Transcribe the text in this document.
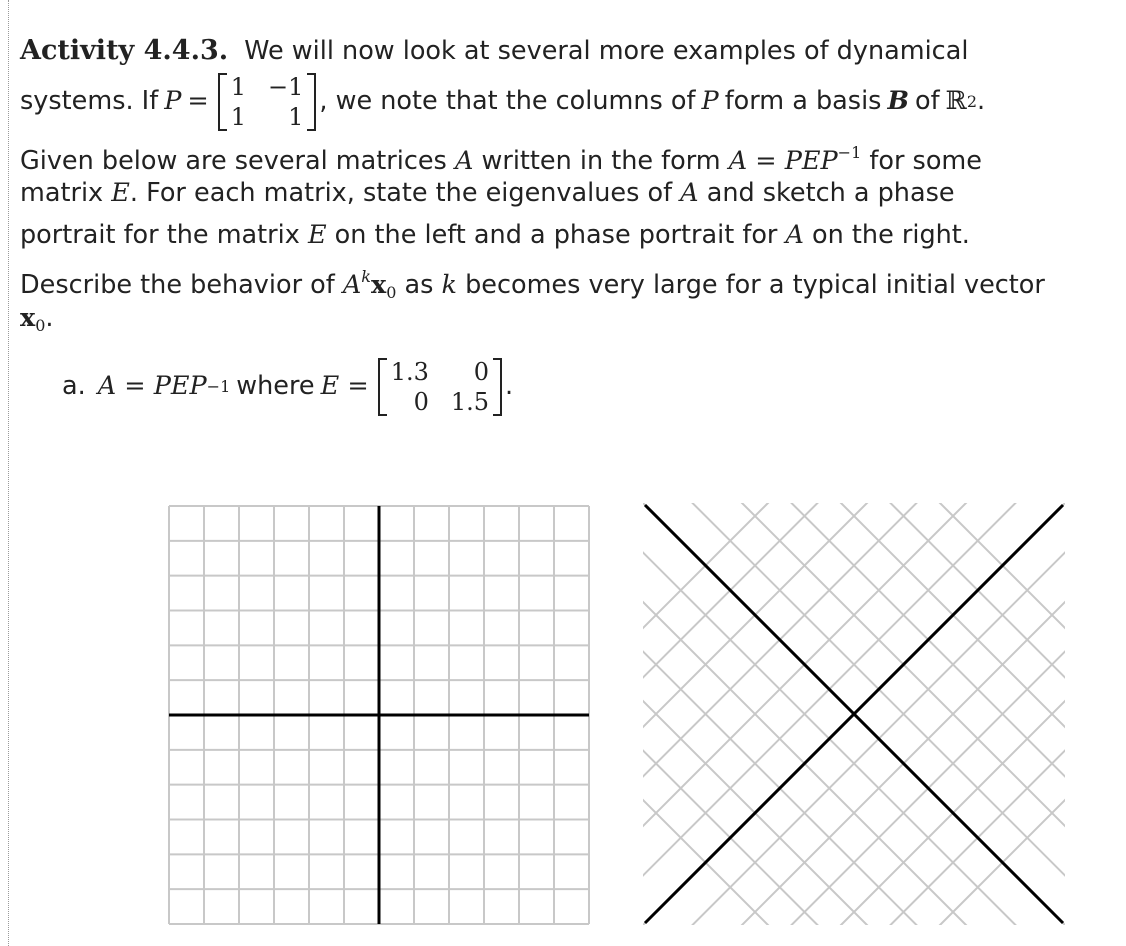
Activity 4.4.3. We will now look at several more examples of dynamical
systems. If P = 1 −1
1	1
, we note that the columns of P form a basis B of ℝ 2 .
Given below are several matrices A written in the form $A = PEP^{-1}$ for some
matrix E. For each matrix, state the eigenvalues of A and sketch a phase
portrait for the matrix E on the left and a phase portrait for A on the right.
Describe the behavior of $A^kx_0$ as k becomes very large for a typical initial vector
$x_0$.
a. A = PEP −1 where E = 1.3	0
0 1.5
.
